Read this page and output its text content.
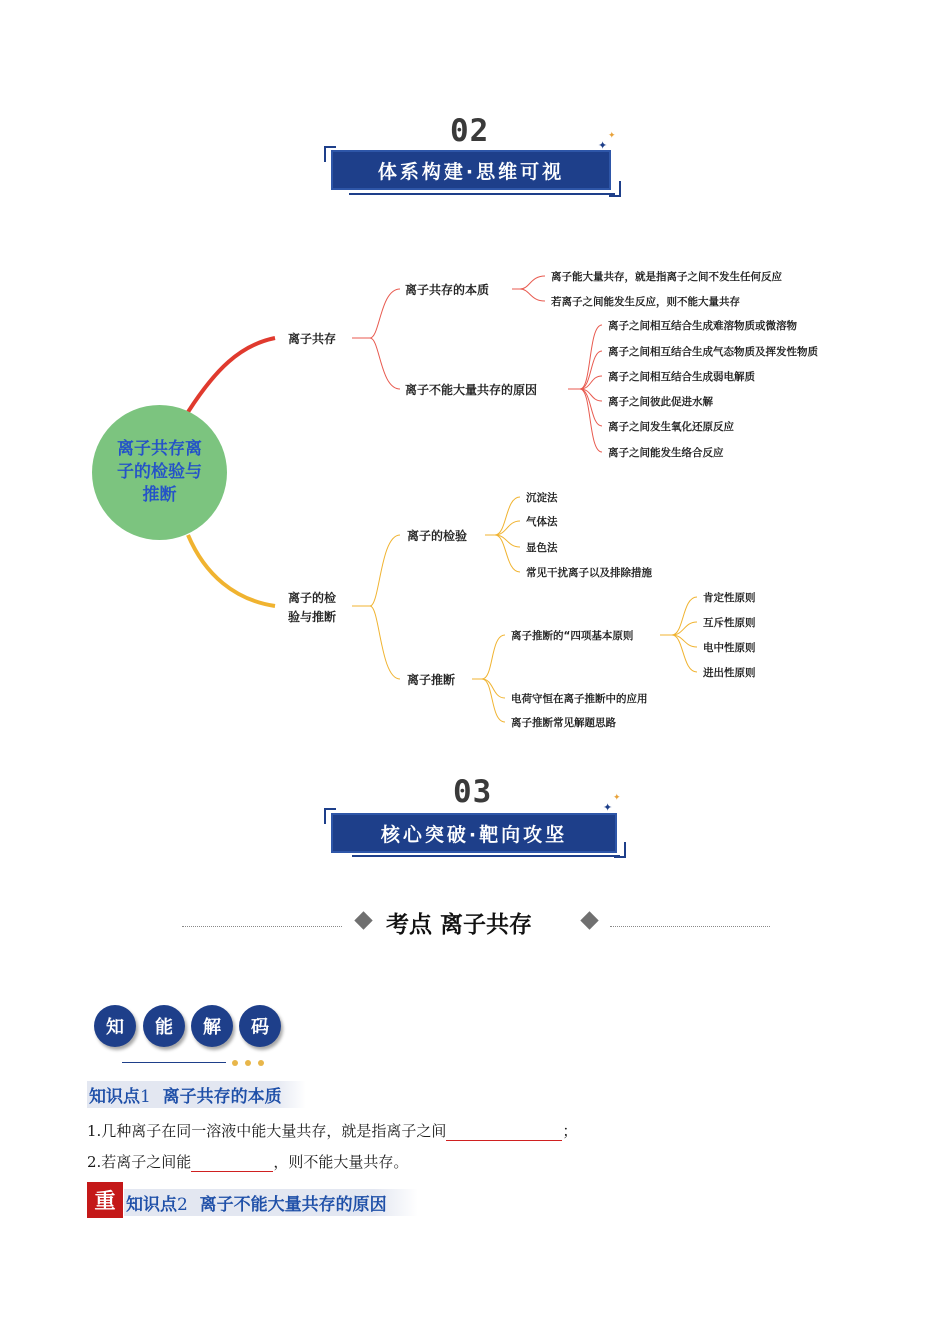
02
体系构建·思维可视
✦
✦
离子共存离子的检验与推断
离子共存
离子共存的本质
离子能大量共存，就是指离子之间不发生任何反应
若离子之间能发生反应，则不能大量共存
离子不能大量共存的原因
离子之间相互结合生成难溶物质或微溶物
离子之间相互结合生成气态物质及挥发性物质
离子之间相互结合生成弱电解质
离子之间彼此促进水解
离子之间发生氧化还原反应
离子之间能发生络合反应
离子的检
验与推断
离子的检验
沉淀法
气体法
显色法
常见干扰离子以及排除措施
离子推断
离子推断的“四项基本原则
肯定性原则
互斥性原则
电中性原则
进出性原则
电荷守恒在离子推断中的应用
离子推断常见解题思路
03
核心突破·靶向攻坚
✦
✦
考点 离子共存
知	能	解	码
知识点1 离子共存的本质
1.几种离子在同一溶液中能大量共存，就是指离子之间	；
2.若离子之间能	，则不能大量共存。
重 知识点2 离子不能大量共存的原因
